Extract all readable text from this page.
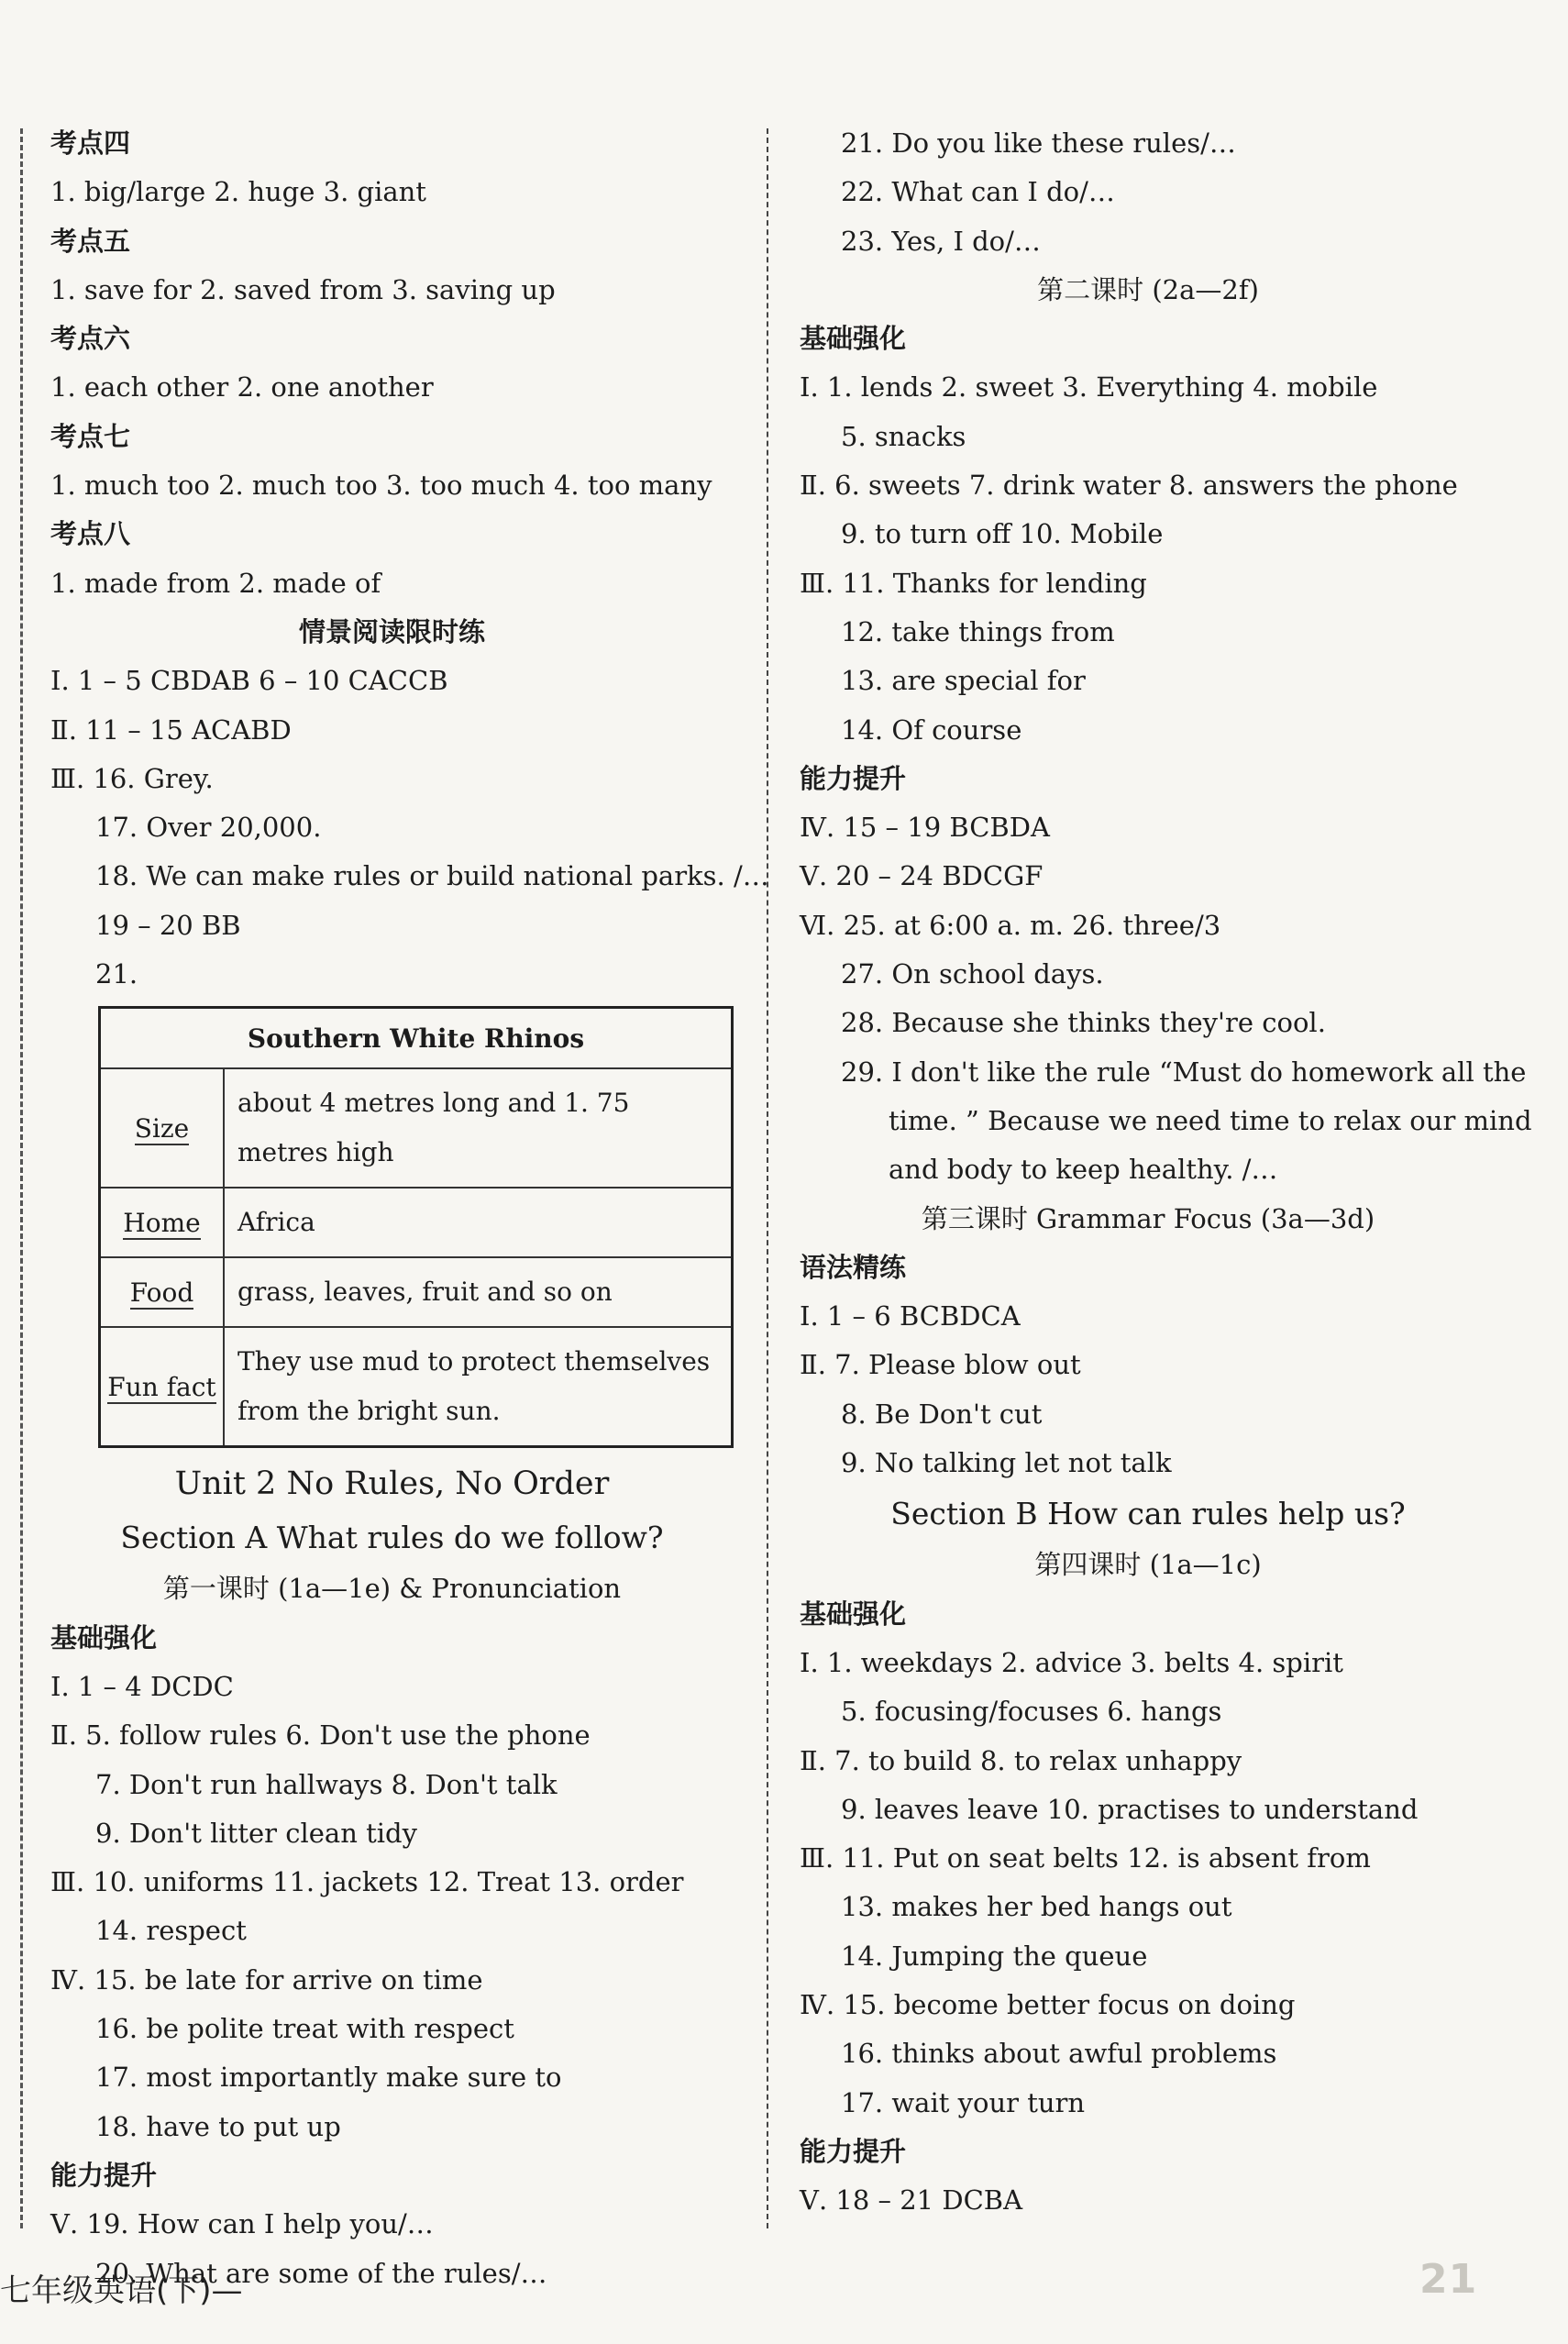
考点四
1. big/large 2. huge 3. giant
考点五
1. save for 2. saved from 3. saving up
考点六
1. each other 2. one another
考点七
1. much too 2. much too 3. too much 4. too many
考点八
1. made from 2. made of
情景阅读限时练
Ⅰ. 1 – 5 CBDAB 6 – 10 CACCB
Ⅱ. 11 – 15 ACABD
Ⅲ. 16. Grey.
17. Over 20,000.
18. We can make rules or build national parks. /…
19 – 20 BB
21.
Southern White Rhinos	
Size	about 4 metres long and 1. 75 metres high
Home	Africa
Food	grass, leaves, fruit and so on
Fun fact	They use mud to protect themselves from the bright sun.
Unit 2 No Rules, No Order
Section A What rules do we follow?
第一课时 (1a—1e) & Pronunciation
基础强化
Ⅰ. 1 – 4 DCDC
Ⅱ. 5. follow rules 6. Don't use the phone
7. Don't run hallways 8. Don't talk
9. Don't litter clean tidy
Ⅲ. 10. uniforms 11. jackets 12. Treat 13. order
14. respect
Ⅳ. 15. be late for arrive on time
16. be polite treat with respect
17. most importantly make sure to
18. have to put up
能力提升
Ⅴ. 19. How can I help you/…
20. What are some of the rules/…
21. Do you like these rules/…
22. What can I do/…
23. Yes, I do/…
第二课时 (2a—2f)
基础强化
Ⅰ. 1. lends 2. sweet 3. Everything 4. mobile
5. snacks
Ⅱ. 6. sweets 7. drink water 8. answers the phone
9. to turn off 10. Mobile
Ⅲ. 11. Thanks for lending
12. take things from
13. are special for
14. Of course
能力提升
Ⅳ. 15 – 19 BCBDA
Ⅴ. 20 – 24 BDCGF
Ⅵ. 25. at 6:00 a. m. 26. three/3
27. On school days.
28. Because she thinks they're cool.
29. I don't like the rule “Must do homework all the
time. ” Because we need time to relax our mind
and body to keep healthy. /…
第三课时 Grammar Focus (3a—3d)
语法精练
Ⅰ. 1 – 6 BCBDCA
Ⅱ. 7. Please blow out
8. Be Don't cut
9. No talking let not talk
Section B How can rules help us?
第四课时 (1a—1c)
基础强化
Ⅰ. 1. weekdays 2. advice 3. belts 4. spirit
5. focusing/focuses 6. hangs
Ⅱ. 7. to build 8. to relax unhappy
9. leaves leave 10. practises to understand
Ⅲ. 11. Put on seat belts 12. is absent from
13. makes her bed hangs out
14. Jumping the queue
Ⅳ. 15. become better focus on doing
16. thinks about awful problems
17. wait your turn
能力提升
Ⅴ. 18 – 21 DCBA
七年级英语(下)—	21
